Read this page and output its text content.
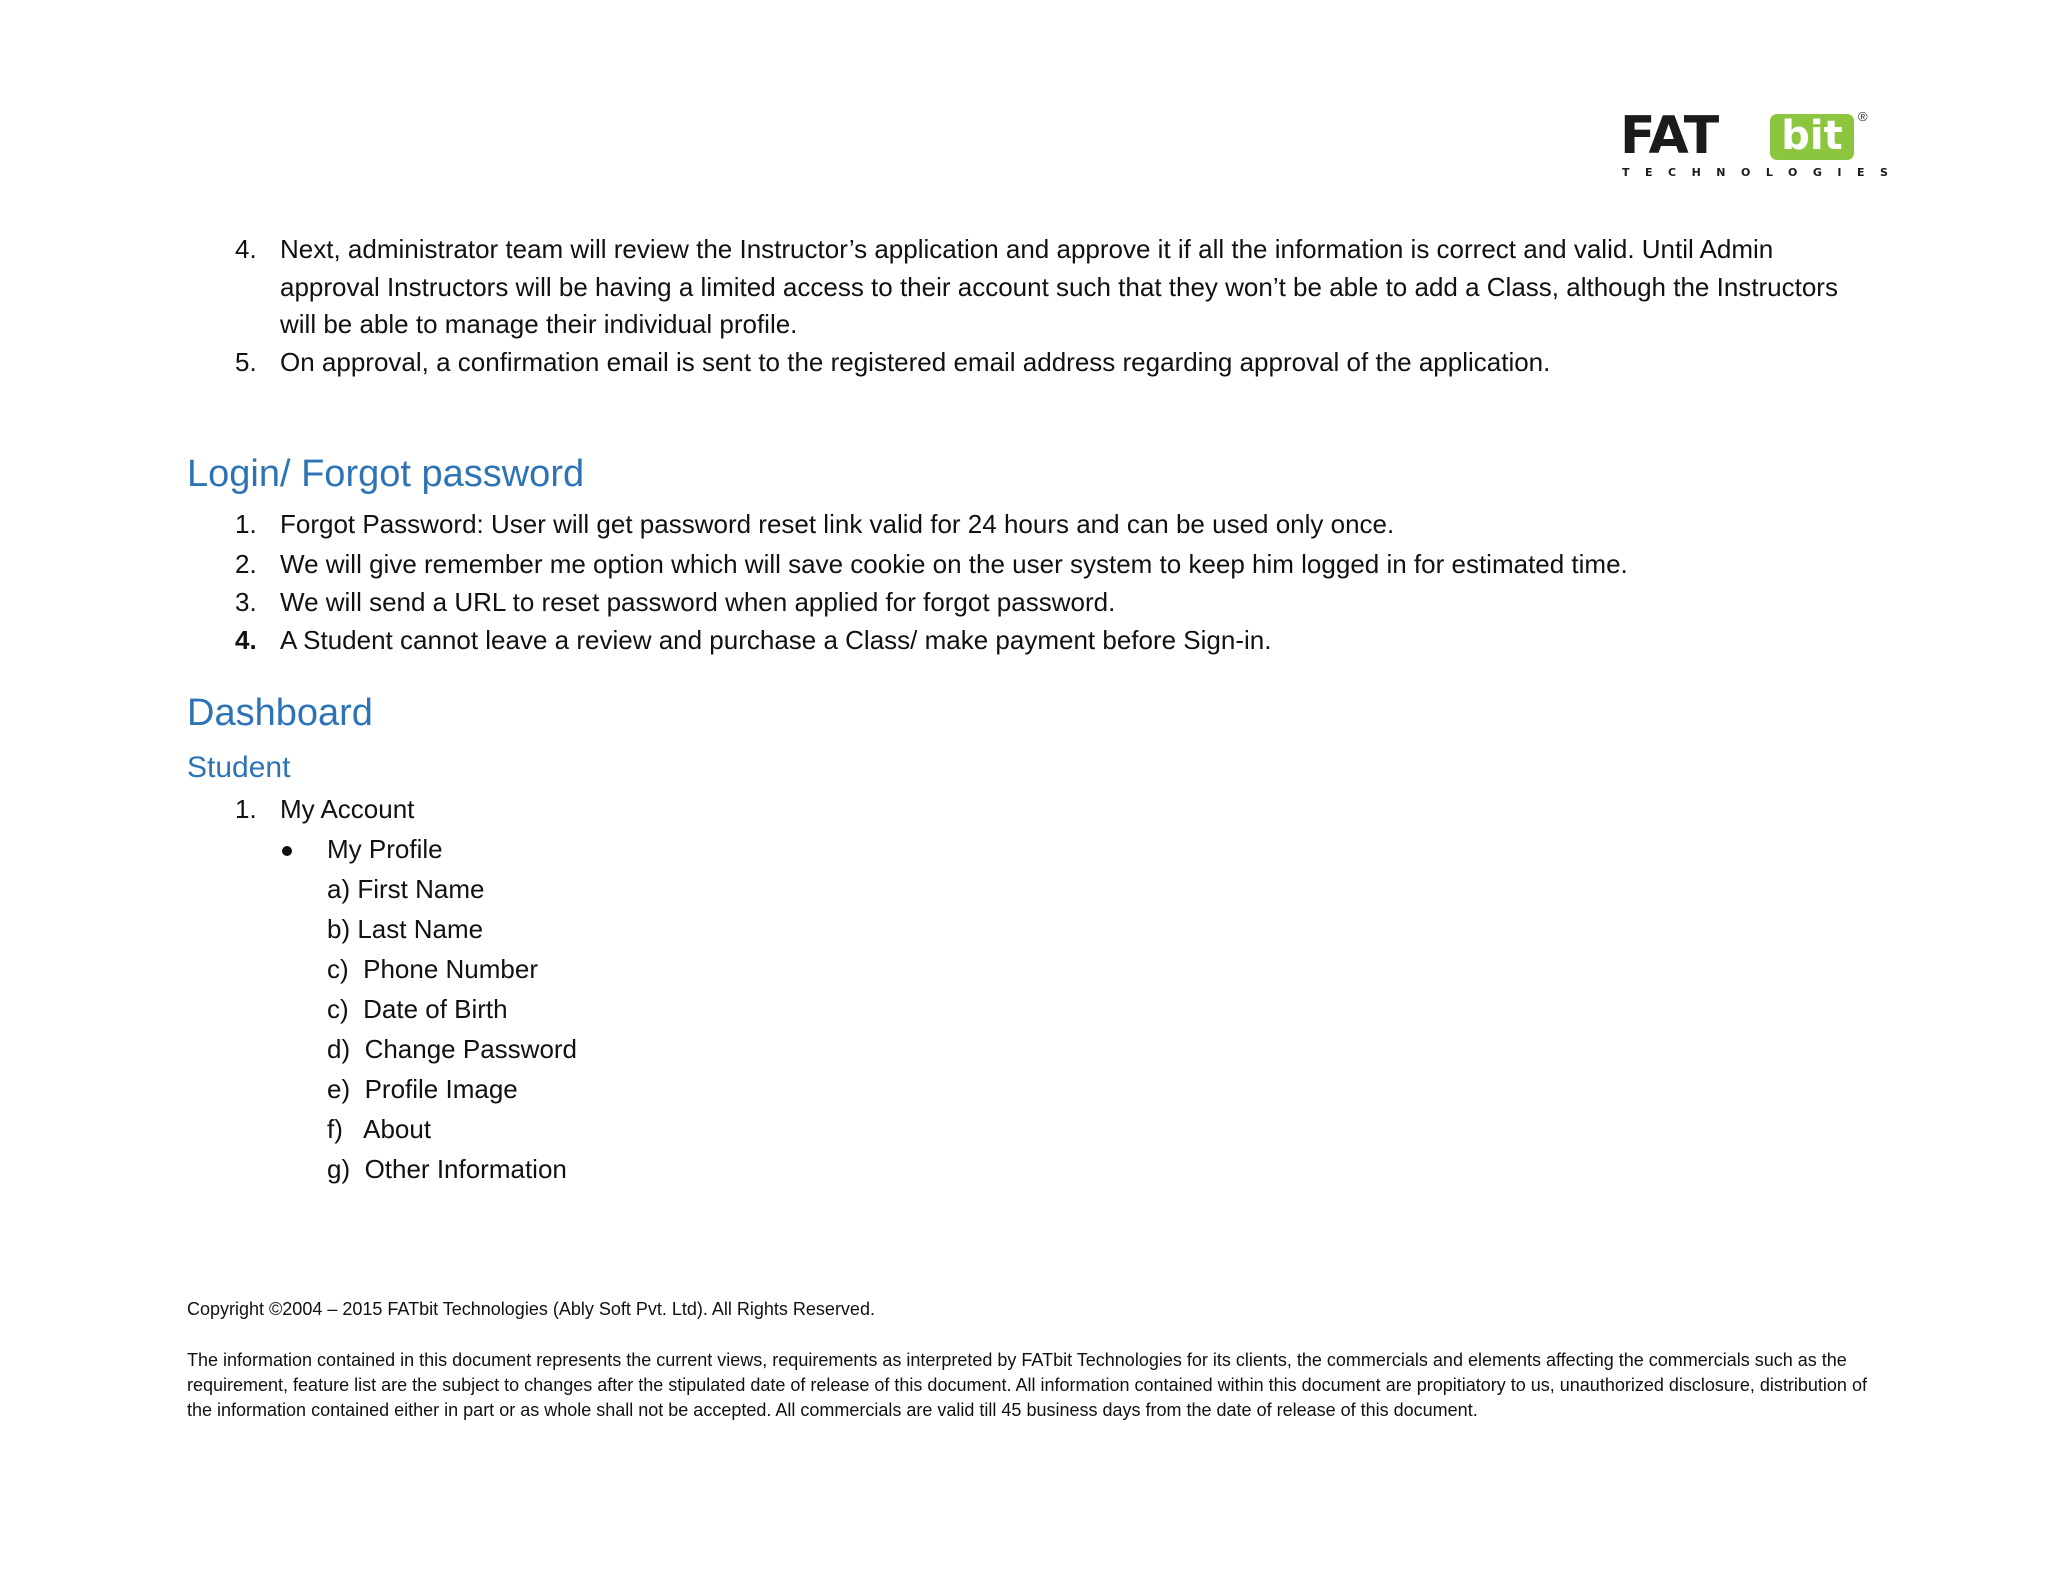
FAT bit	®
TECHNOLOGIES
4. Next, administrator team will review the Instructor’s application and approve it if all the information is correct and valid. Until Admin approval Instructors will be having a limited access to their account such that they won’t be able to add a Class, although the Instructors will be able to manage their individual profile.
5. On approval, a confirmation email is sent to the registered email address regarding approval of the application.
Login/ Forgot password
1. Forgot Password: User will get password reset link valid for 24 hours and can be used only once.
2. We will give remember me option which will save cookie on the user system to keep him logged in for estimated time.
3. We will send a URL to reset password when applied for forgot password.
4. A Student cannot leave a review and purchase a Class/ make payment before Sign-in.
Dashboard
Student
1. My Account
My Profile
a) First Name
b) Last Name
c)  Phone Number
c)  Date of Birth
d)  Change Password
e)  Profile Image
f)   About
g)  Other Information
Copyright ©2004 – 2015 FATbit Technologies (Ably Soft Pvt. Ltd). All Rights Reserved.
The information contained in this document represents the current views, requirements as interpreted by FATbit Technologies for its clients, the commercials and elements affecting the commercials such as the requirement, feature list are the subject to changes after the stipulated date of release of this document. All information contained within this document are propitiatory to us, unauthorized disclosure, distribution of the information contained either in part or as whole shall not be accepted. All commercials are valid till 45 business days from the date of release of this document.
